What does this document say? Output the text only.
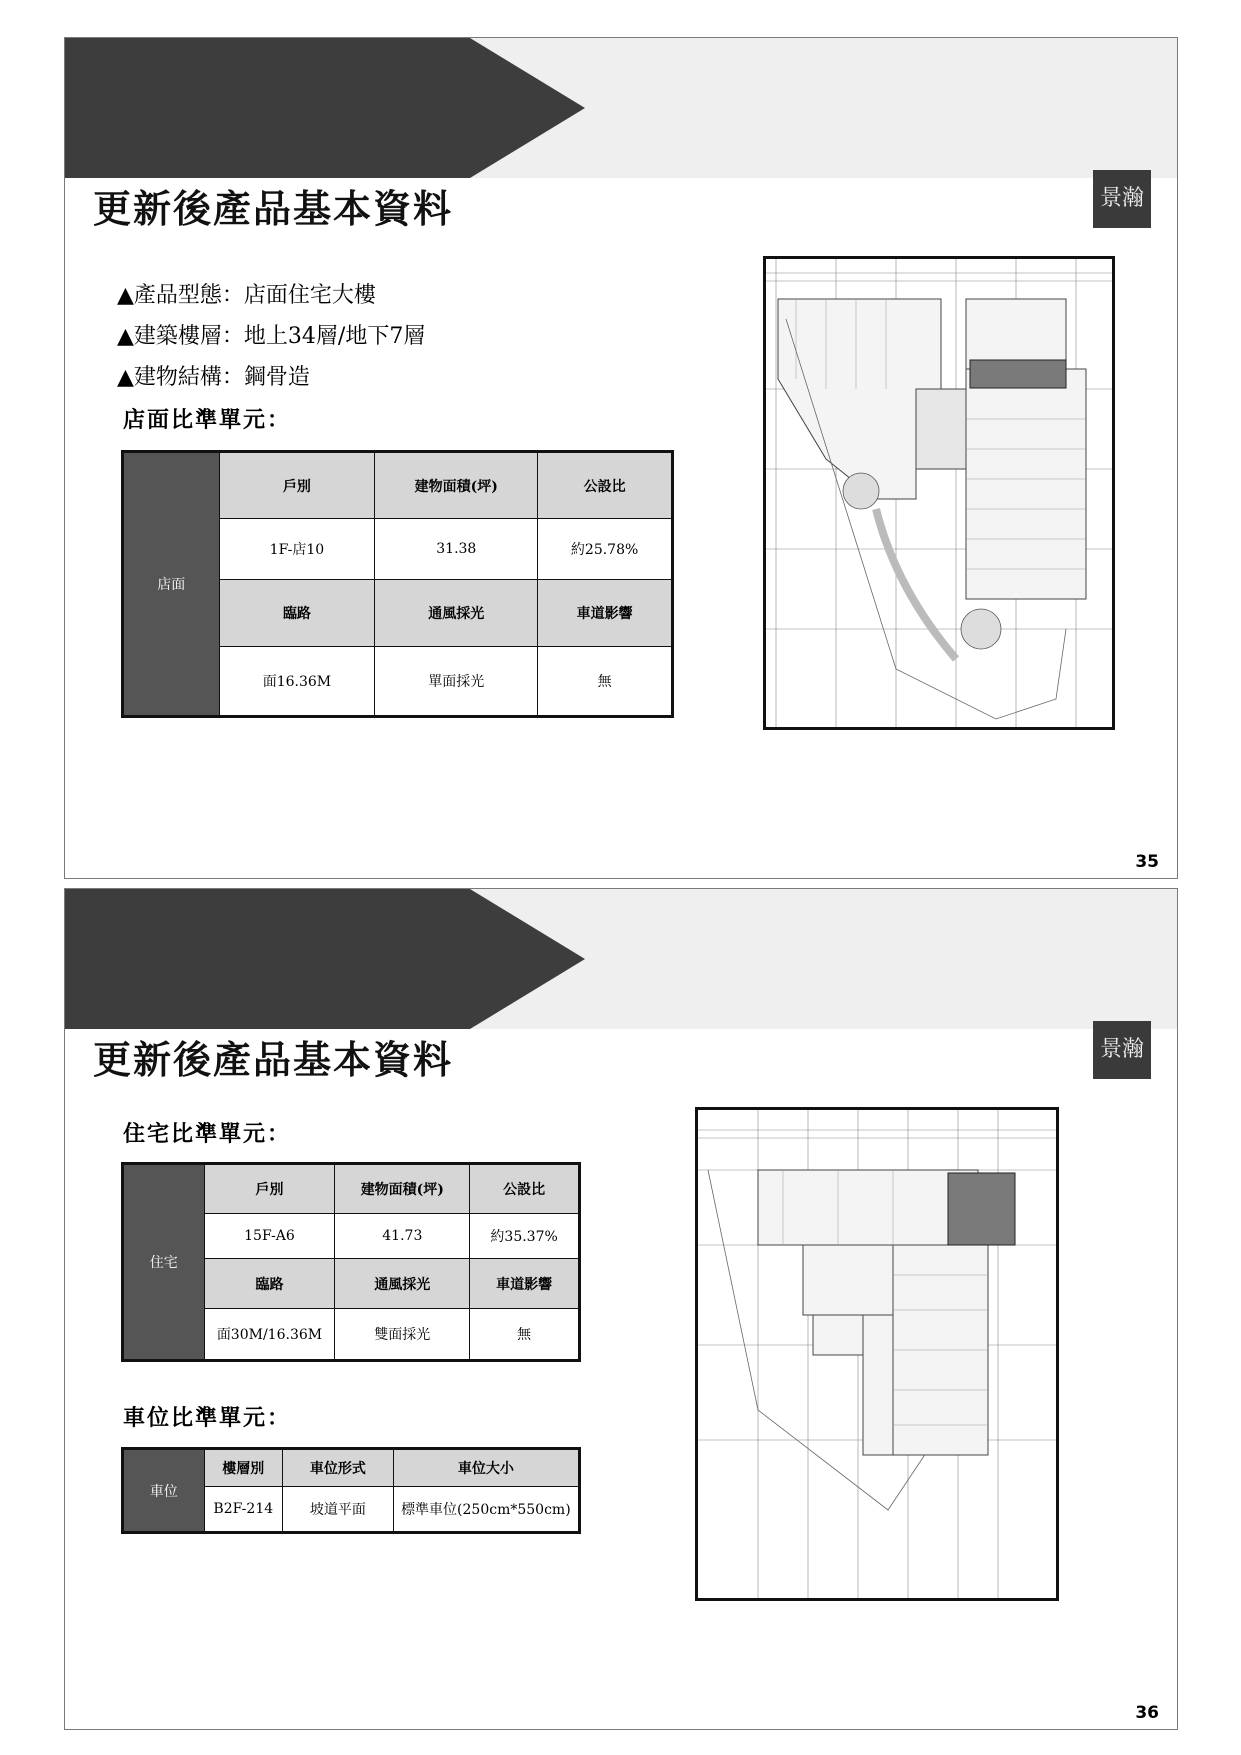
更新後產品基本資料	景瀚
▲產品型態：店面住宅大樓
▲建築樓層：地上34層/地下7層
▲建物結構：鋼骨造
店面比準單元：
店面	戶別	建物面積(坪)	公設比
	1F-店10	31.38	約25.78%
	臨路	通風採光	車道影響
	面16.36M	單面採光	無
35
更新後產品基本資料	景瀚
住宅比準單元：
住宅	戶別	建物面積(坪)	公設比
	15F-A6	41.73	約35.37%
	臨路	通風採光	車道影響
	面30M/16.36M	雙面採光	無
車位比準單元：
車位	樓層別	車位形式	車位大小
	B2F-214	坡道平面	標準車位(250cm*550cm)
36
